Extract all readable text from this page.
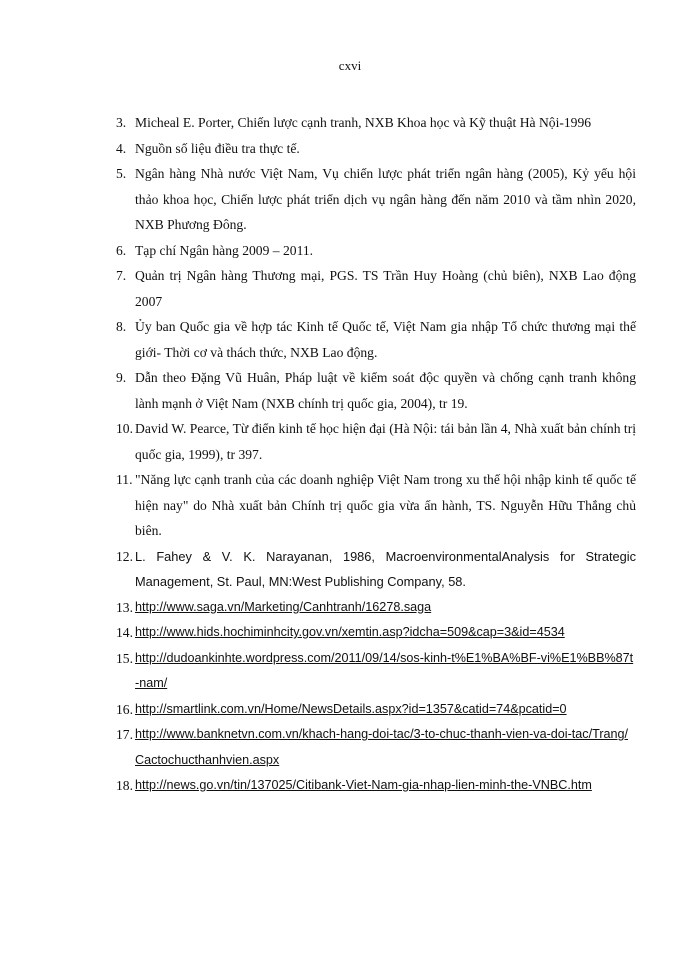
cxvi
3. Micheal E. Porter, Chiến lược cạnh tranh, NXB Khoa học và Kỹ thuật Hà Nội-1996
4. Nguồn số liệu điều tra thực tế.
5. Ngân hàng Nhà nước Việt Nam, Vụ chiến lược phát triển ngân hàng (2005), Kỷ yếu hội thảo khoa học, Chiến lược phát triển dịch vụ ngân hàng đến năm 2010 và tầm nhìn 2020, NXB Phương Đông.
6. Tạp chí Ngân hàng 2009 – 2011.
7. Quản trị Ngân hàng Thương mại, PGS. TS Trần Huy Hoàng (chủ biên), NXB Lao động 2007
8. Ủy ban Quốc gia về hợp tác Kinh tế Quốc tế, Việt Nam gia nhập Tổ chức thương mại thế giới- Thời cơ và thách thức, NXB Lao động.
9. Dẫn theo Đặng Vũ Huân, Pháp luật về kiểm soát độc quyền và chống cạnh tranh không lành mạnh ở Việt Nam (NXB chính trị quốc gia, 2004), tr 19.
10. David W. Pearce, Từ điển kinh tế học hiện đại (Hà Nội: tái bản lần 4, Nhà xuất bản chính trị quốc gia, 1999), tr 397.
11. "Năng lực cạnh tranh của các doanh nghiệp Việt Nam trong xu thế hội nhập kinh tế quốc tế hiện nay" do Nhà xuất bản Chính trị quốc gia vừa ấn hành, TS. Nguyễn Hữu Thắng chủ biên.
12. L. Fahey & V. K. Narayanan, 1986, MacroenvironmentalAnalysis for Strategic Management, St. Paul, MN:West Publishing Company, 58.
13. http://www.saga.vn/Marketing/Canhtranh/16278.saga
14. http://www.hids.hochiminhcity.gov.vn/xemtin.asp?idcha=509&cap=3&id=4534
15. http://dudoankinhte.wordpress.com/2011/09/14/sos-kinh-t%E1%BA%BF-vi%E1%BB%87t-nam/
16. http://smartlink.com.vn/Home/NewsDetails.aspx?id=1357&catid=74&pcatid=0
17. http://www.banknetvn.com.vn/khach-hang-doi-tac/3-to-chuc-thanh-vien-va-doi-tac/Trang/Cactochucthanhvien.aspx
18. http://news.go.vn/tin/137025/Citibank-Viet-Nam-gia-nhap-lien-minh-the-VNBC.htm
